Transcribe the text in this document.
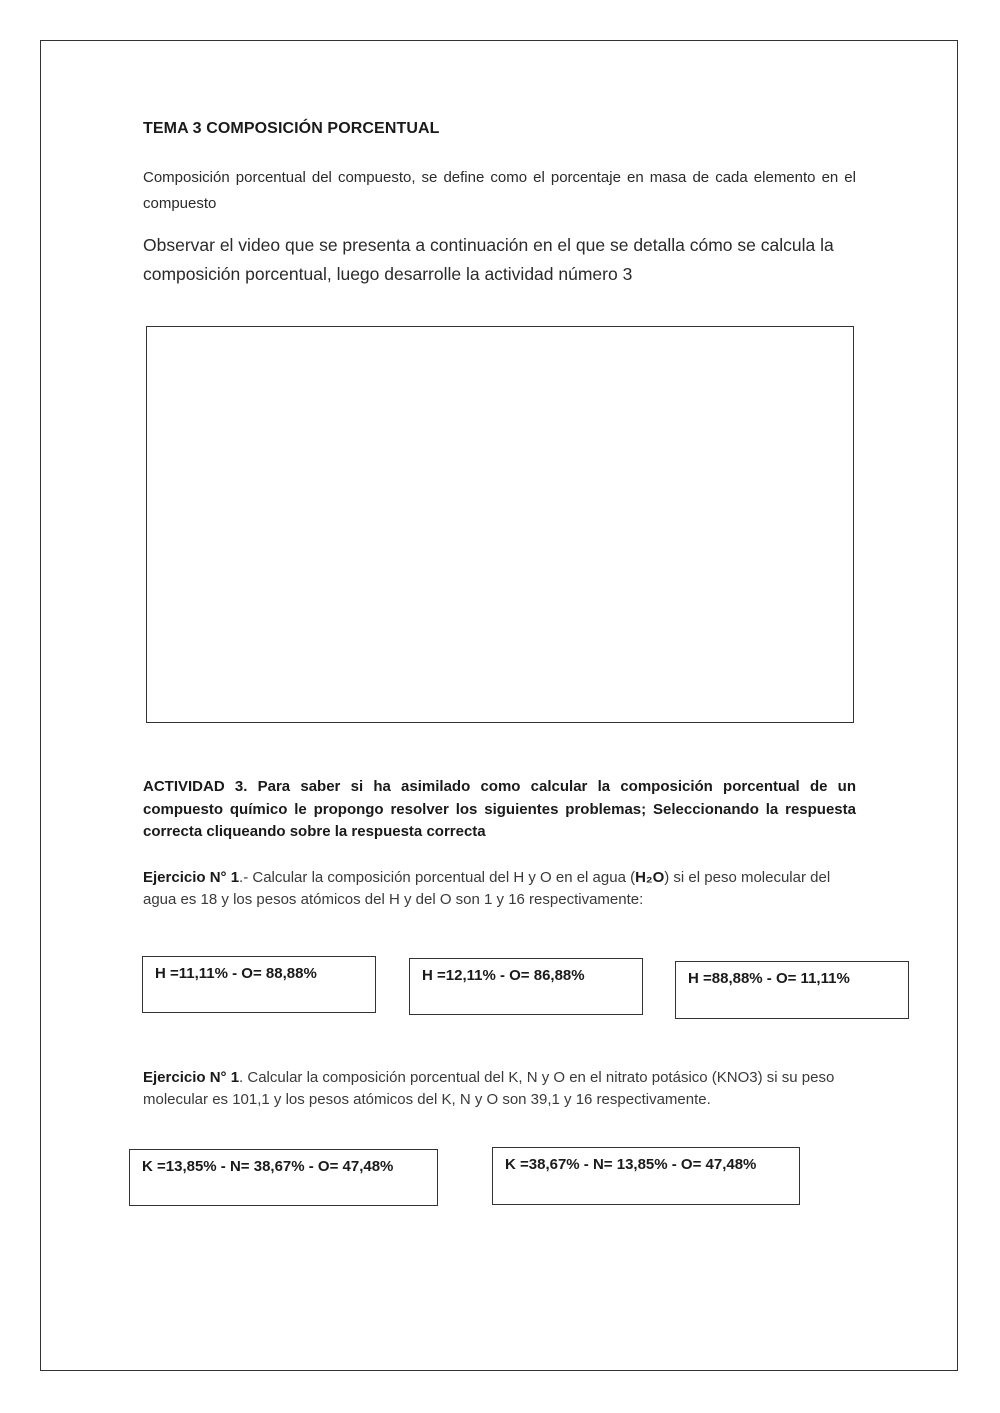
TEMA 3 COMPOSICIÓN PORCENTUAL
Composición porcentual del compuesto, se define como el porcentaje en masa de cada elemento en el compuesto
Observar el video que se presenta a continuación en el que se detalla cómo se calcula la composición porcentual, luego desarrolle la actividad número 3
ACTIVIDAD 3. Para saber si ha asimilado como calcular la composición porcentual de un compuesto químico le propongo resolver los siguientes problemas; Seleccionando la respuesta correcta cliqueando sobre la respuesta correcta
Ejercicio N° 1.- Calcular la composición porcentual del H y O en el agua (H₂O) si el peso molecular del agua es 18 y los pesos atómicos del H y del O son 1 y 16 respectivamente:
H =11,11% - O= 88,88%	H =12,11% - O= 86,88%	H =88,88% - O= 11,11%
Ejercicio N° 1. Calcular la composición porcentual del K, N y O en el nitrato potásico (KNO3) si su peso molecular es 101,1 y los pesos atómicos del K, N y O son 39,1 y 16 respectivamente.
K =13,85% - N= 38,67% - O= 47,48%	K =38,67% - N= 13,85% - O= 47,48%
